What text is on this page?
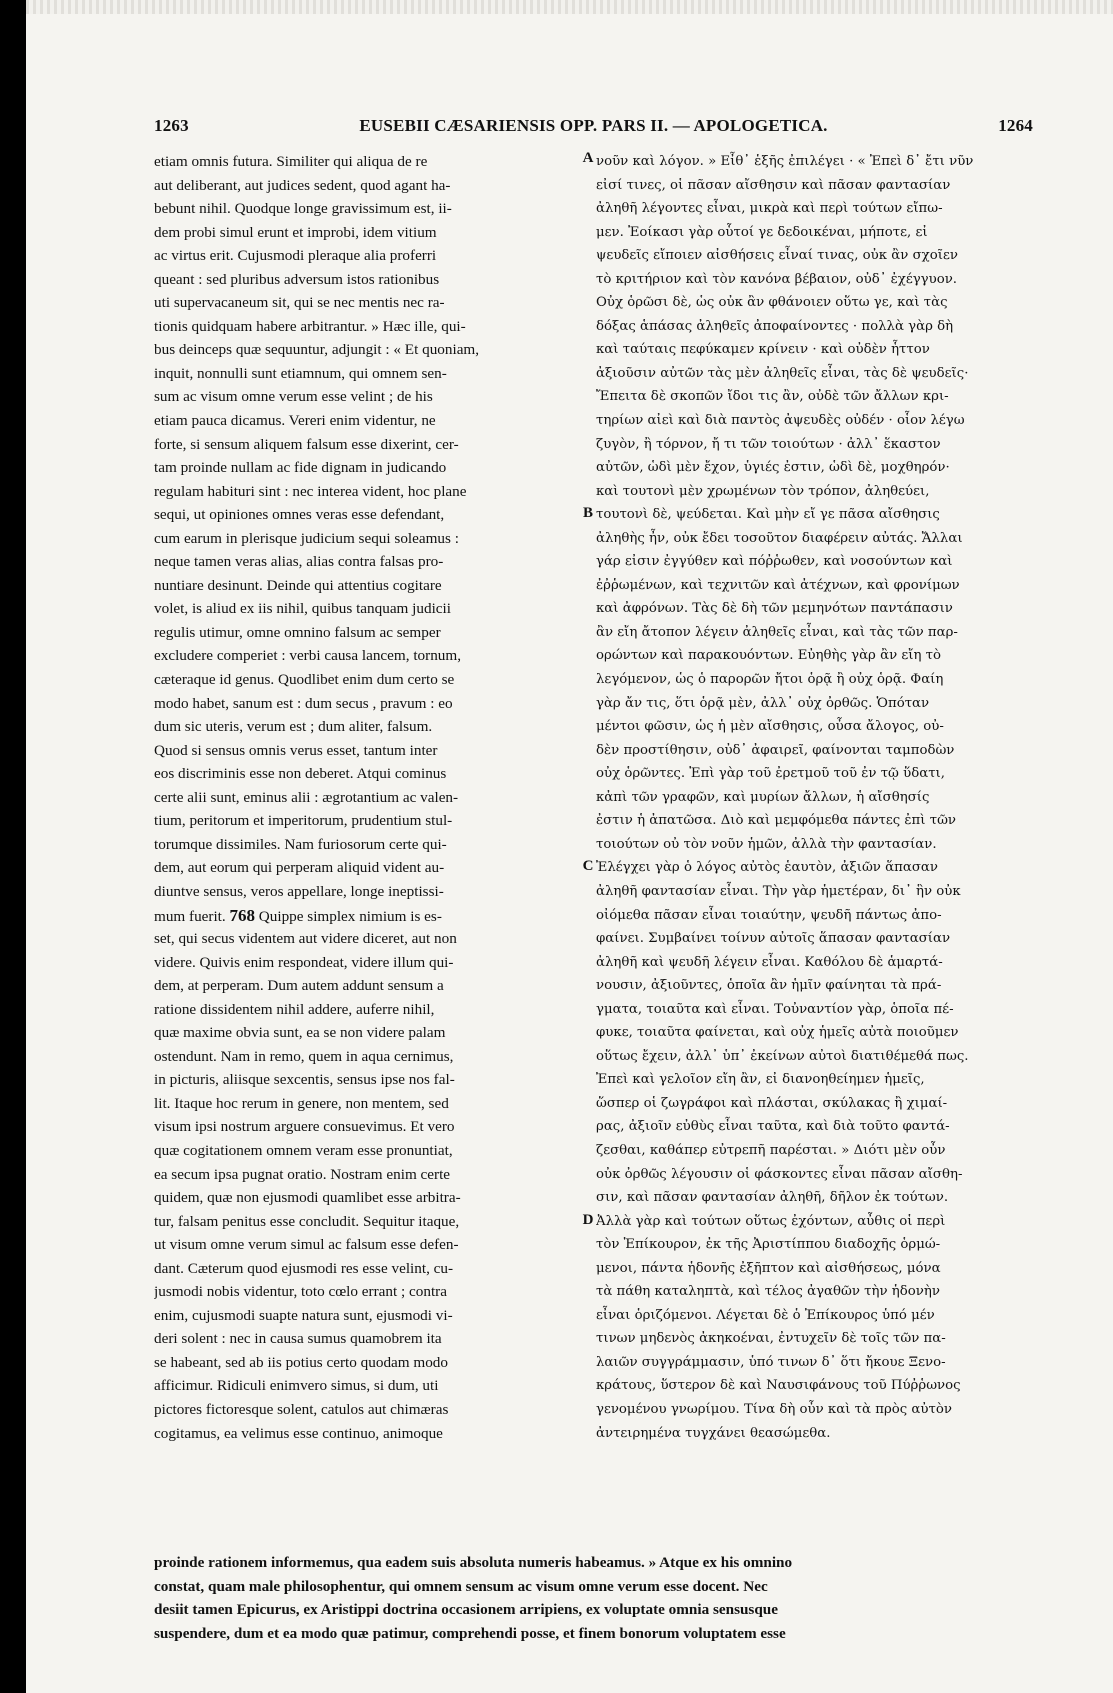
1263	EUSEBII CÆSARIENSIS OPP. PARS II. — APOLOGETICA.	1264
etiam omnis futura. Similiter qui aliqua de re
aut deliberant, aut judices sedent, quod agant ha-
bebunt nihil. Quodque longe gravissimum est, ii-
dem probi simul erunt et improbi, idem vitium
ac virtus erit. Cujusmodi pleraque alia proferri
queant : sed pluribus adversum istos rationibus
uti supervacaneum sit, qui se nec mentis nec ra-
tionis quidquam habere arbitrantur. » Hæc ille, qui-
bus deinceps quæ sequuntur, adjungit : « Et quoniam,
inquit, nonnulli sunt etiamnum, qui omnem sen-
sum ac visum omne verum esse velint ; de his
etiam pauca dicamus. Vereri enim videntur, ne
forte, si sensum aliquem falsum esse dixerint, cer-
tam proinde nullam ac fide dignam in judicando
regulam habituri sint : nec interea vident, hoc plane
sequi, ut opiniones omnes veras esse defendant,
cum earum in plerisque judicium sequi soleamus :
neque tamen veras alias, alias contra falsas pro-
nuntiare desinunt. Deinde qui attentius cogitare
volet, is aliud ex iis nihil, quibus tanquam judicii
regulis utimur, omne omnino falsum ac semper
excludere comperiet : verbi causa lancem, tornum,
cæteraque id genus. Quodlibet enim dum certo se
modo habet, sanum est : dum secus , pravum : eo
dum sic uteris, verum est ; dum aliter, falsum.
Quod si sensus omnis verus esset, tantum inter
eos discriminis esse non deberet. Atqui cominus
certe alii sunt, eminus alii : ægrotantium ac valen-
tium, peritorum et imperitorum, prudentium stul-
torumque dissimiles. Nam furiosorum certe qui-
dem, aut eorum qui perperam aliquid vident au-
diuntve sensus, veros appellare, longe ineptissi-
mum fuerit. 768 Quippe simplex nimium is es-
set, qui secus videntem aut videre diceret, aut non
videre. Quivis enim respondeat, videre illum qui-
dem, at perperam. Dum autem addunt sensum a
ratione dissidentem nihil addere, auferre nihil,
quæ maxime obvia sunt, ea se non videre palam
ostendunt. Nam in remo, quem in aqua cernimus,
in picturis, aliisque sexcentis, sensus ipse nos fal-
lit. Itaque hoc rerum in genere, non mentem, sed
visum ipsi nostrum arguere consuevimus. Et vero
quæ cogitationem omnem veram esse pronuntiat,
ea secum ipsa pugnat oratio. Nostram enim certe
quidem, quæ non ejusmodi quamlibet esse arbitra-
tur, falsam penitus esse concludit. Sequitur itaque,
ut visum omne verum simul ac falsum esse defen-
dant. Cæterum quod ejusmodi res esse velint, cu-
jusmodi nobis videntur, toto cœlo errant ; contra
enim, cujusmodi suapte natura sunt, ejusmodi vi-
deri solent : nec in causa sumus quamobrem ita
se habeant, sed ab iis potius certo quodam modo
afficimur. Ridiculi enimvero simus, si dum, uti
pictores fictoresque solent, catulos aut chimæras
cogitamus, ea velimus esse continuo, animoque
νοῦν καὶ λόγον. » Εἶθ᾽ ἑξῆς ἐπιλέγει · « Ἐπεὶ δ᾽ ἔτι νῦν
εἰσί τινες, οἱ πᾶσαν αἴσθησιν καὶ πᾶσαν φαντασίαν
ἀληθῆ λέγοντες εἶναι, μικρὰ καὶ περὶ τούτων εἴπω-
μεν. Ἐοίκασι γὰρ οὗτοί γε δεδοικέναι, μήποτε, εἰ
ψευδεῖς εἴποιεν αἰσθήσεις εἶναί τινας, οὐκ ἂν σχοῖεν
τὸ κριτήριον καὶ τὸν κανόνα βέβαιον, οὐδ᾽ ἐχέγγυον.
Οὐχ ὁρῶσι δὲ, ὡς οὐκ ἂν φθάνοιεν οὕτω γε, καὶ τὰς
δόξας ἁπάσας ἀληθεῖς ἀποφαίνοντες · πολλὰ γὰρ δὴ
καὶ ταύταις πεφύκαμεν κρίνειν · καὶ οὐδὲν ἧττον
ἀξιοῦσιν αὐτῶν τὰς μὲν ἀληθεῖς εἶναι, τὰς δὲ ψευδεῖς·
Ἔπειτα δὲ σκοπῶν ἴδοι τις ἂν, οὐδὲ τῶν ἄλλων κρι-
τηρίων αἰεὶ καὶ διὰ παντὸς ἀψευδὲς οὐδέν · οἷον λέγω
ζυγὸν, ἢ τόρνον, ἤ τι τῶν τοιούτων · ἀλλ᾽ ἕκαστον
αὐτῶν, ὡδὶ μὲν ἔχον, ὑγιές ἐστιν, ὡδὶ δὲ, μοχθηρόν·
καὶ τουτονὶ μὲν χρωμένων τὸν τρόπον, ἀληθεύει,
τουτονὶ δὲ, ψεύδεται. Καὶ μὴν εἴ γε πᾶσα αἴσθησις
ἀληθὴς ἦν, οὐκ ἔδει τοσοῦτον διαφέρειν αὐτάς. Ἄλλαι
γάρ εἰσιν ἐγγύθεν καὶ πόῤῥωθεν, καὶ νοσούντων καὶ
ἐῤῥωμένων, καὶ τεχνιτῶν καὶ ἀτέχνων, καὶ φρονίμων
καὶ ἀφρόνων. Τὰς δὲ δὴ τῶν μεμηνότων παντάπασιν
ἂν εἴη ἄτοπον λέγειν ἀληθεῖς εἶναι, καὶ τὰς τῶν παρ-
ορώντων καὶ παρακουόντων. Εὐηθὴς γὰρ ἂν εἴη τὸ
λεγόμενον, ὡς ὁ παρορῶν ἤτοι ὁρᾷ ἢ οὐχ ὁρᾷ. Φαίη
γὰρ ἄν τις, ὅτι ὁρᾷ μὲν, ἀλλ᾽ οὐχ ὀρθῶς. Ὁπόταν
μέντοι φῶσιν, ὡς ἡ μὲν αἴσθησις, οὖσα ἄλογος, οὐ-
δὲν προστίθησιν, οὐδ᾽ ἀφαιρεῖ, φαίνονται ταμποδὼν
οὐχ ὁρῶντες. Ἐπὶ γὰρ τοῦ ἐρετμοῦ τοῦ ἐν τῷ ὕδατι,
κἀπὶ τῶν γραφῶν, καὶ μυρίων ἄλλων, ἡ αἴσθησίς
ἐστιν ἡ ἀπατῶσα. Διὸ καὶ μεμφόμεθα πάντες ἐπὶ τῶν
τοιούτων οὐ τὸν νοῦν ἡμῶν, ἀλλὰ τὴν φαντασίαν.
Ἐλέγχει γὰρ ὁ λόγος αὐτὸς ἑαυτὸν, ἀξιῶν ἅπασαν
ἀληθῆ φαντασίαν εἶναι. Τὴν γὰρ ἡμετέραν, δι᾽ ἣν οὐκ
οἰόμεθα πᾶσαν εἶναι τοιαύτην, ψευδῆ πάντως ἀπο-
φαίνει. Συμβαίνει τοίνυν αὐτοῖς ἅπασαν φαντασίαν
ἀληθῆ καὶ ψευδῆ λέγειν εἶναι. Καθόλου δὲ ἁμαρτά-
νουσιν, ἀξιοῦντες, ὁποῖα ἂν ἡμῖν φαίνηται τὰ πρά-
γματα, τοιαῦτα καὶ εἶναι. Τοὐναντίον γὰρ, ὁποῖα πέ-
φυκε, τοιαῦτα φαίνεται, καὶ οὐχ ἡμεῖς αὐτὰ ποιοῦμεν
οὕτως ἔχειν, ἀλλ᾽ ὑπ᾽ ἐκείνων αὐτοὶ διατιθέμεθά πως.
Ἐπεὶ καὶ γελοῖον εἴη ἂν, εἰ διανοηθείημεν ἡμεῖς,
ὥσπερ οἱ ζωγράφοι καὶ πλάσται, σκύλακας ἢ χιμαί-
ρας, ἀξιοῖν εὐθὺς εἶναι ταῦτα, καὶ διὰ τοῦτο φαντά-
ζεσθαι, καθάπερ εὐτρεπῆ παρέσται. » Διότι μὲν οὖν
οὐκ ὀρθῶς λέγουσιν οἱ φάσκοντες εἶναι πᾶσαν αἴσθη-
σιν, καὶ πᾶσαν φαντασίαν ἀληθῆ, δῆλον ἐκ τούτων.
Ἀλλὰ γὰρ καὶ τούτων οὕτως ἐχόντων, αὖθις οἱ περὶ
τὸν Ἐπίκουρον, ἐκ τῆς Ἀριστίππου διαδοχῆς ὁρμώ-
μενοι, πάντα ἡδονῆς ἐξῆπτον καὶ αἰσθήσεως, μόνα
τὰ πάθη καταληπτὰ, καὶ τέλος ἀγαθῶν τὴν ἡδονὴν
εἶναι ὁριζόμενοι. Λέγεται δὲ ὁ Ἐπίκουρος ὑπό μέν
τινων μηδενὸς ἀκηκοέναι, ἐντυχεῖν δὲ τοῖς τῶν πα-
λαιῶν συγγράμμασιν, ὑπό τινων δ᾽ ὅτι ἤκουε Ξενο-
κράτους, ὕστερον δὲ καὶ Ναυσιφάνους τοῦ Πύῤῥωνος
γενομένου γνωρίμου. Τίνα δὴ οὖν καὶ τὰ πρὸς αὐτὸν
ἀντειρημένα τυγχάνει θεασώμεθα.
A
B
C
D
proinde rationem informemus, qua eadem suis absoluta numeris habeamus. » Atque ex his omnino
constat, quam male philosophentur, qui omnem sensum ac visum omne verum esse docent. Nec
desiit tamen Epicurus, ex Aristippi doctrina occasionem arripiens, ex voluptate omnia sensusque
suspendere, dum et ea modo quæ patimur, comprehendi posse, et finem bonorum voluptatem esse
